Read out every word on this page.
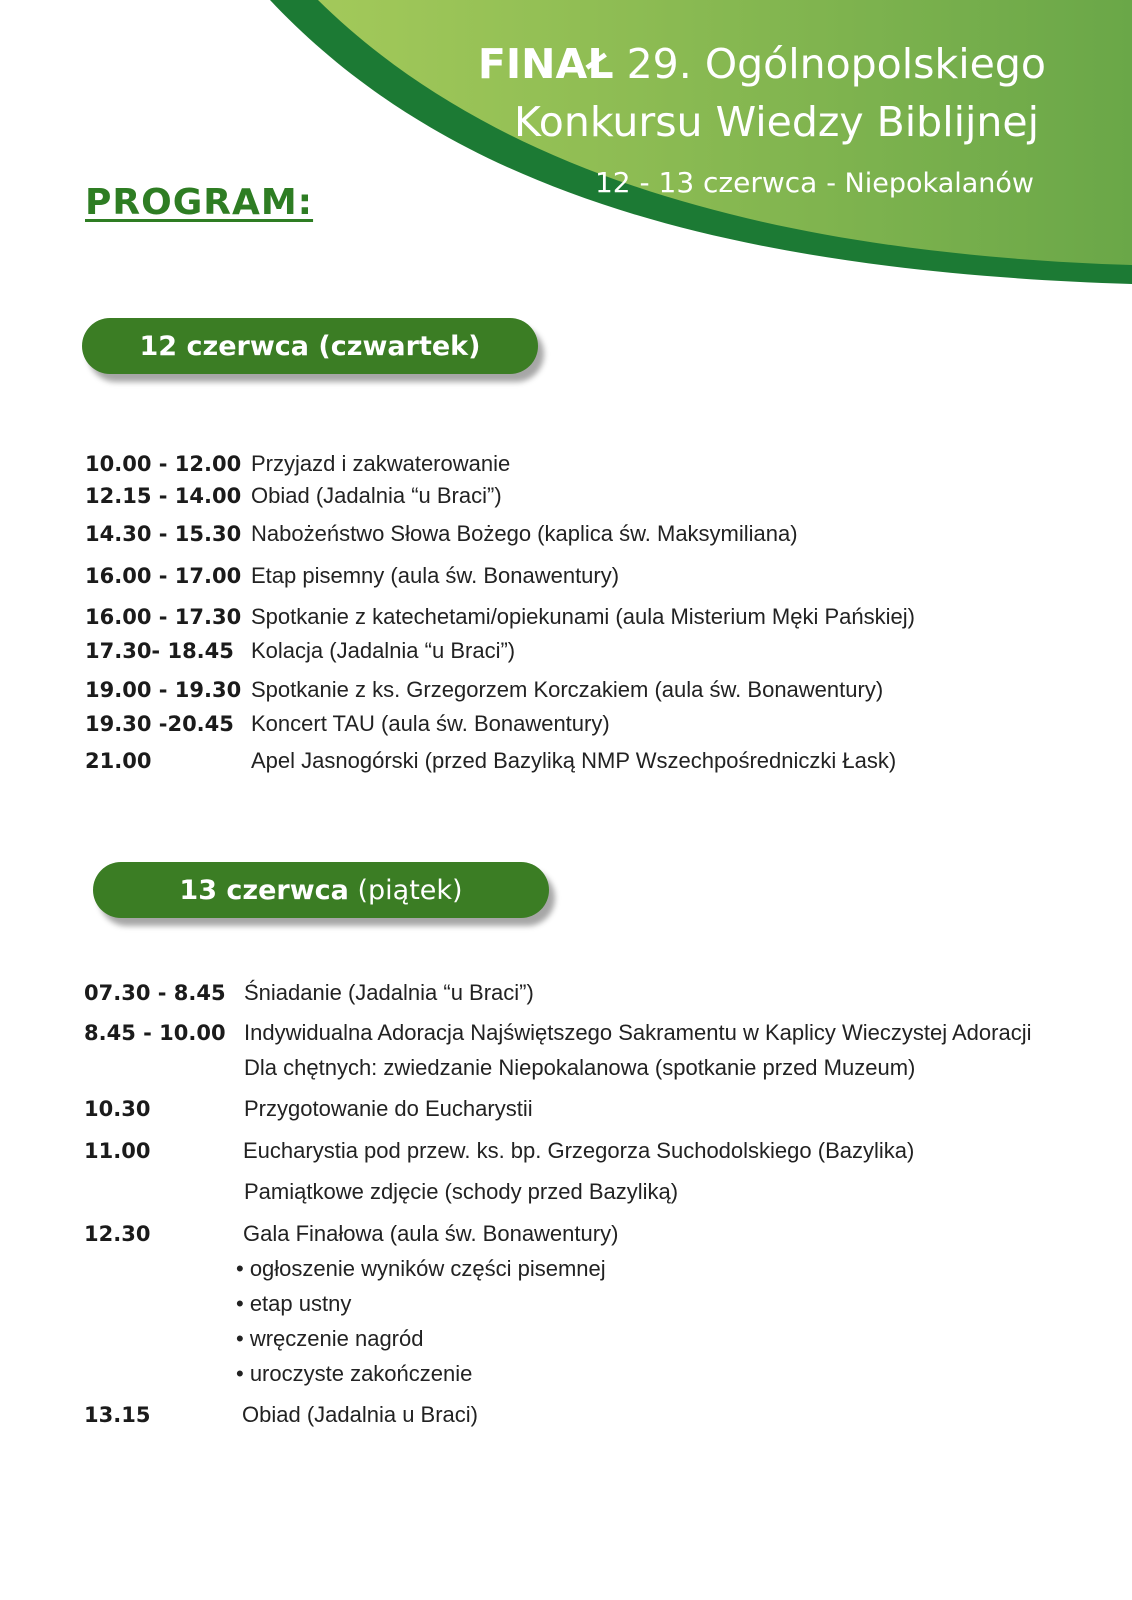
FINAŁ 29. Ogólnopolskiego
Konkursu Wiedzy Biblijnej
12 - 13 czerwca - Niepokalanów
PROGRAM:
12 czerwca (czwartek)
13 czerwca
(piątek)
10.00 - 12.00 Przyjazd i zakwaterowanie
12.15 - 14.00 Obiad (Jadalnia “u Braci”)
14.30 - 15.30 Nabożeństwo Słowa Bożego (kaplica św. Maksymiliana)
16.00 - 17.00 Etap pisemny (aula św. Bonawentury)
16.00 - 17.30 Spotkanie z katechetami/opiekunami (aula Misterium Męki Pańskiej)
17.30- 18.45 Kolacja (Jadalnia “u Braci”)
19.00 - 19.30 Spotkanie z ks. Grzegorzem Korczakiem (aula św. Bonawentury)
19.30 -20.45 Koncert TAU (aula św. Bonawentury)
21.00	Apel Jasnogórski (przed Bazyliką NMP Wszechpośredniczki Łask)
07.30 - 8.45 Śniadanie (Jadalnia “u Braci”)
8.45 - 10.00 Indywidualna Adoracja Najświętszego Sakramentu w Kaplicy Wieczystej Adoracji
Dla chętnych: zwiedzanie Niepokalanowa (spotkanie przed Muzeum)
10.30	Przygotowanie do Eucharystii
11.00	Eucharystia pod przew. ks. bp. Grzegorza Suchodolskiego (Bazylika)
Pamiątkowe zdjęcie (schody przed Bazyliką)
12.30	Gala Finałowa (aula św. Bonawentury)
• ogłoszenie wyników części pisemnej
• etap ustny
• wręczenie nagród
• uroczyste zakończenie
13.15	Obiad (Jadalnia u Braci)
